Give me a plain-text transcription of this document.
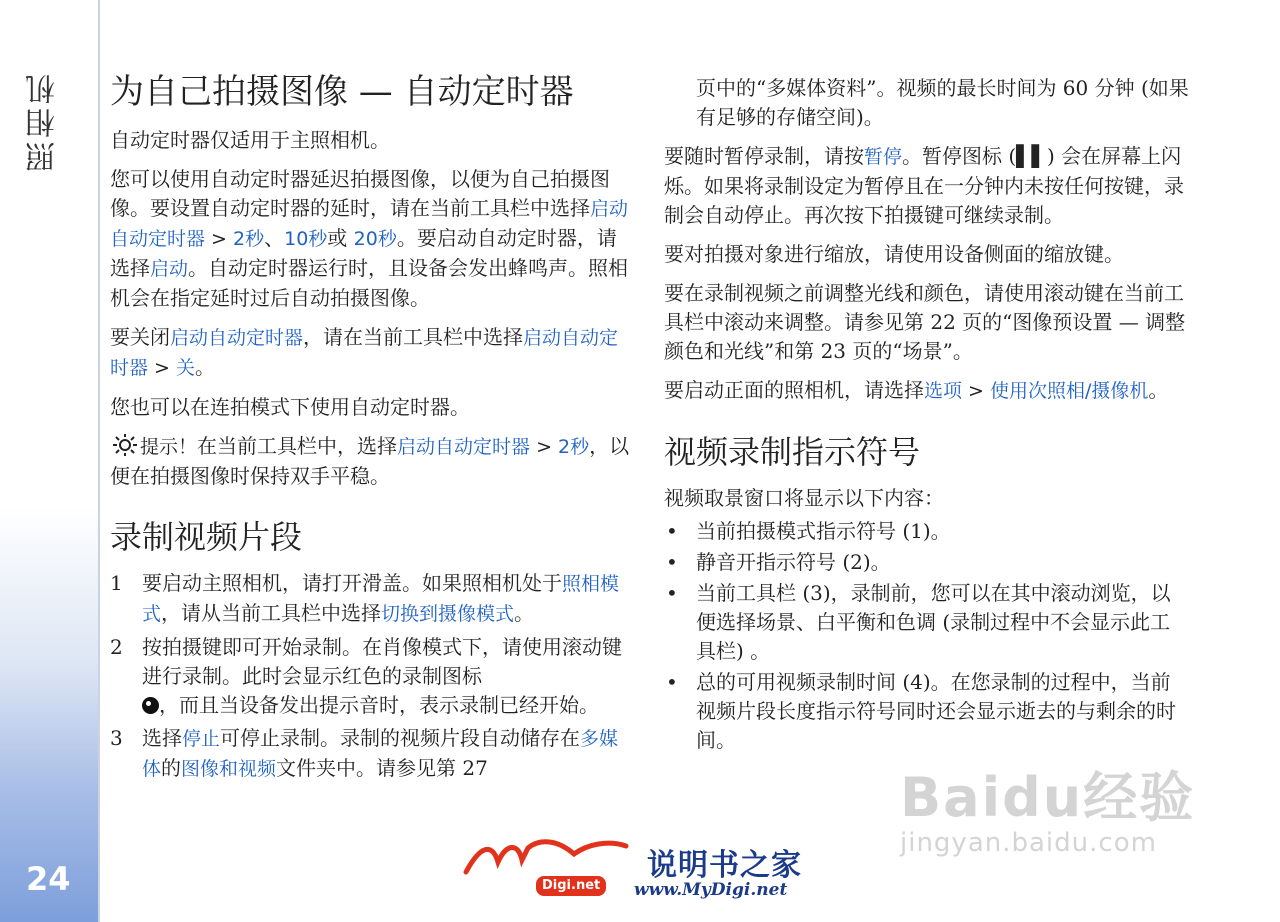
照相机
24
为自己拍摄图像 — 自动定时器

自动定时器仅适用于主照相机。

您可以使用自动定时器延迟拍摄图像，以便为自己拍摄图像。要设置自动定时器的延时，请在当前工具栏中选择启动自动定时器 > 2秒、10秒或 20秒。要启动自动定时器，请选择启动。自动定时器运行时，且设备会发出蜂鸣声。照相机会在指定延时过后自动拍摄图像。

要关闭启动自动定时器，请在当前工具栏中选择启动自动定时器 > 关。

您也可以在连拍模式下使用自动定时器。

提示！在当前工具栏中，选择启动自动定时器 > 2秒，以便在拍摄图像时保持双手平稳。

录制视频片段
1 要启动主照相机，请打开滑盖。如果照相机处于照相模式，请从当前工具栏中选择切换到摄像模式。
2 按拍摄键即可开始录制。在肖像模式下，请使用滚动键进行录制。此时会显示红色的录制图标
，而且当设备发出提示音时，表示录制已经开始。
3 选择停止可停止录制。录制的视频片段自动储存在多媒体的图像和视频文件夹中。请参见第 27

页中的“多媒体资料”。视频的最长时间为 60 分钟 (如果有足够的存储空间)。

要随时暂停录制，请按暂停。暂停图标 (▌▌) 会在屏幕上闪烁。如果将录制设定为暂停且在一分钟内未按任何按键，录制会自动停止。再次按下拍摄键可继续录制。

要对拍摄对象进行缩放，请使用设备侧面的缩放键。

要在录制视频之前调整光线和颜色，请使用滚动键在当前工具栏中滚动来调整。请参见第 22 页的“图像预设置 — 调整颜色和光线”和第 23 页的“场景”。

要启动正面的照相机，请选择选项 > 使用次照相/摄像机。

视频录制指示符号

视频取景窗口将显示以下内容：

• 当前拍摄模式指示符号 (1)。
• 静音开指示符号 (2)。
• 当前工具栏 (3)，录制前，您可以在其中滚动浏览，以便选择场景、白平衡和色调 (录制过程中不会显示此工具栏) 。
• 总的可用视频录制时间 (4)。在您录制的过程中，当前视频片段长度指示符号同时还会显示逝去的与剩余的时间。
Baidu经验
jingyan.baidu.com
Digi.net
说明书之家
www.MyDigi.net
